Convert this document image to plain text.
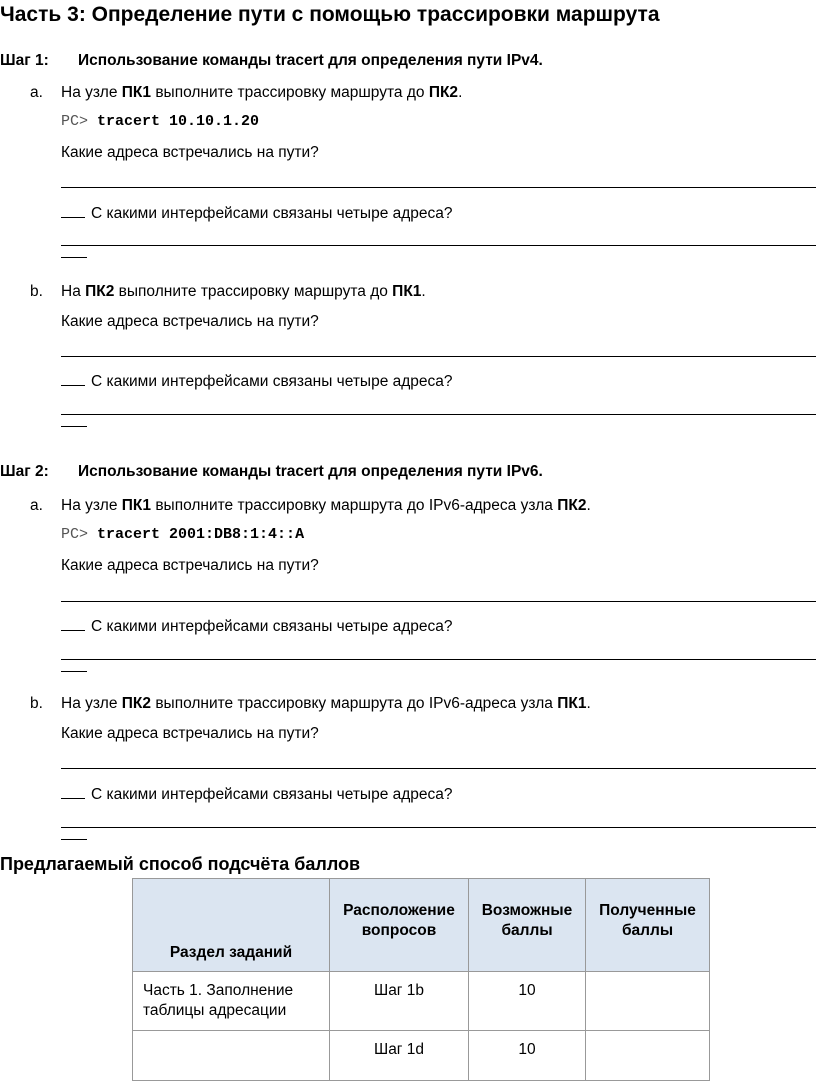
Часть 3: Определение пути с помощью трассировки маршрута
Шаг 1: Использование команды tracert для определения пути IPv4.
a. На узле ПК1 выполните трассировку маршрута до ПК2.
PC> tracert 10.10.1.20
Какие адреса встречались на пути?
С какими интерфейсами связаны четыре адреса?
b. На ПК2 выполните трассировку маршрута до ПК1.
Какие адреса встречались на пути?
С какими интерфейсами связаны четыре адреса?
Шаг 2: Использование команды tracert для определения пути IPv6.
a. На узле ПК1 выполните трассировку маршрута до IPv6-адреса узла ПК2.
PC> tracert 2001:DB8:1:4::A
Какие адреса встречались на пути?
С какими интерфейсами связаны четыре адреса?
b. На узле ПК2 выполните трассировку маршрута до IPv6-адреса узла ПК1.
Какие адреса встречались на пути?
С какими интерфейсами связаны четыре адреса?
Предлагаемый способ подсчёта баллов
Раздел заданий	Расположение вопросов	Возможные баллы	Полученные баллы
Часть 1. Заполнение таблицы адресации	Шаг 1b	10	
	Шаг 1d	10	
